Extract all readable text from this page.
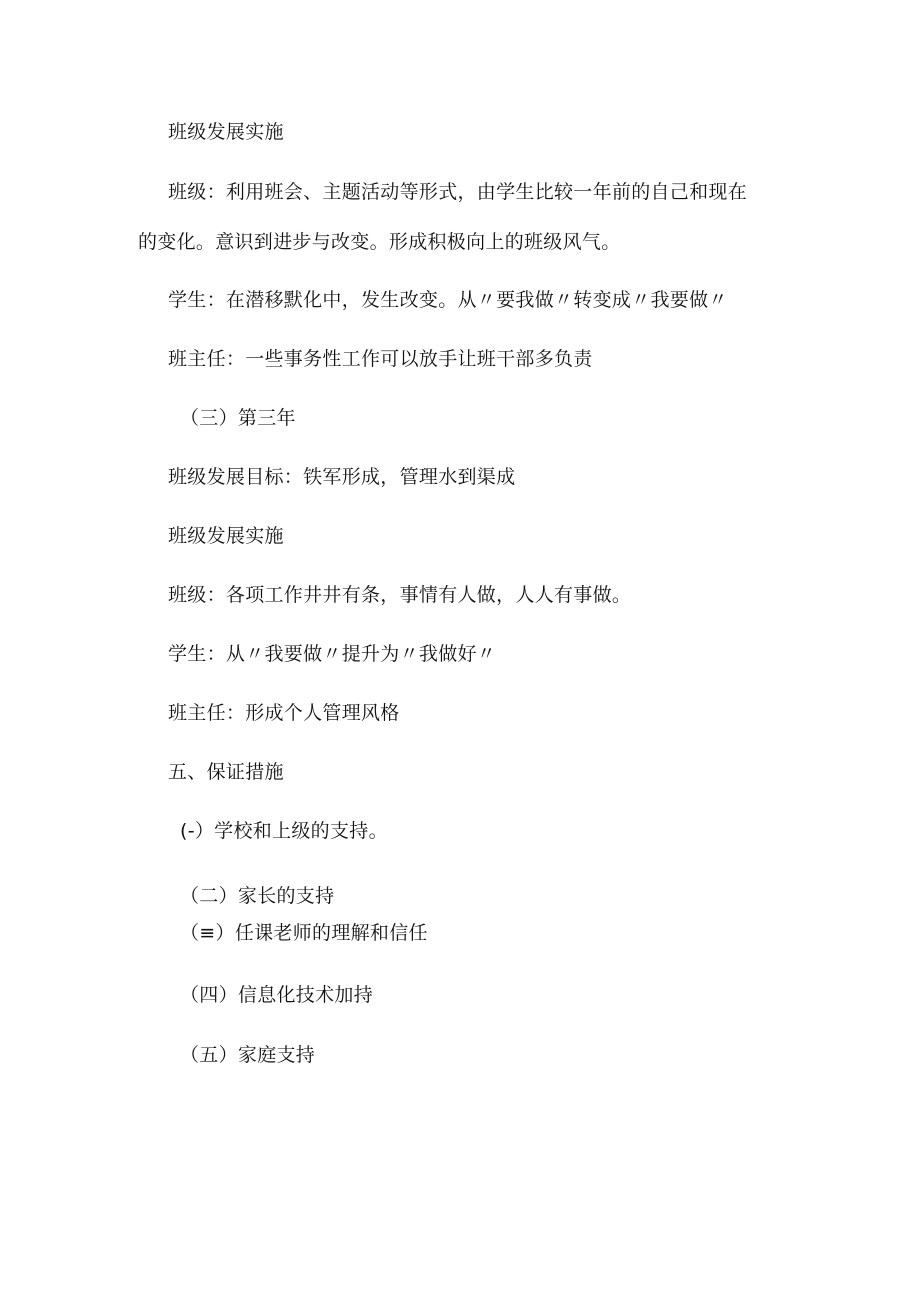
班级发展实施
班级：利用班会、主题活动等形式，由学生比较一年前的自己和现在
的变化。意识到进步与改变。形成积极向上的班级风气。
学生：在潜移默化中，发生改变。从〃要我做〃转变成〃我要做〃
班主任：一些事务性工作可以放手让班干部多负责
（三）第三年
班级发展目标：铁军形成，管理水到渠成
班级发展实施
班级：各项工作井井有条，事情有人做，人人有事做。
学生：从〃我要做〃提升为〃我做好〃
班主任：形成个人管理风格
五、保证措施
(-）学校和上级的支持。
（二）家长的支持
（≡）任课老师的理解和信任
（四）信息化技术加持
（五）家庭支持
